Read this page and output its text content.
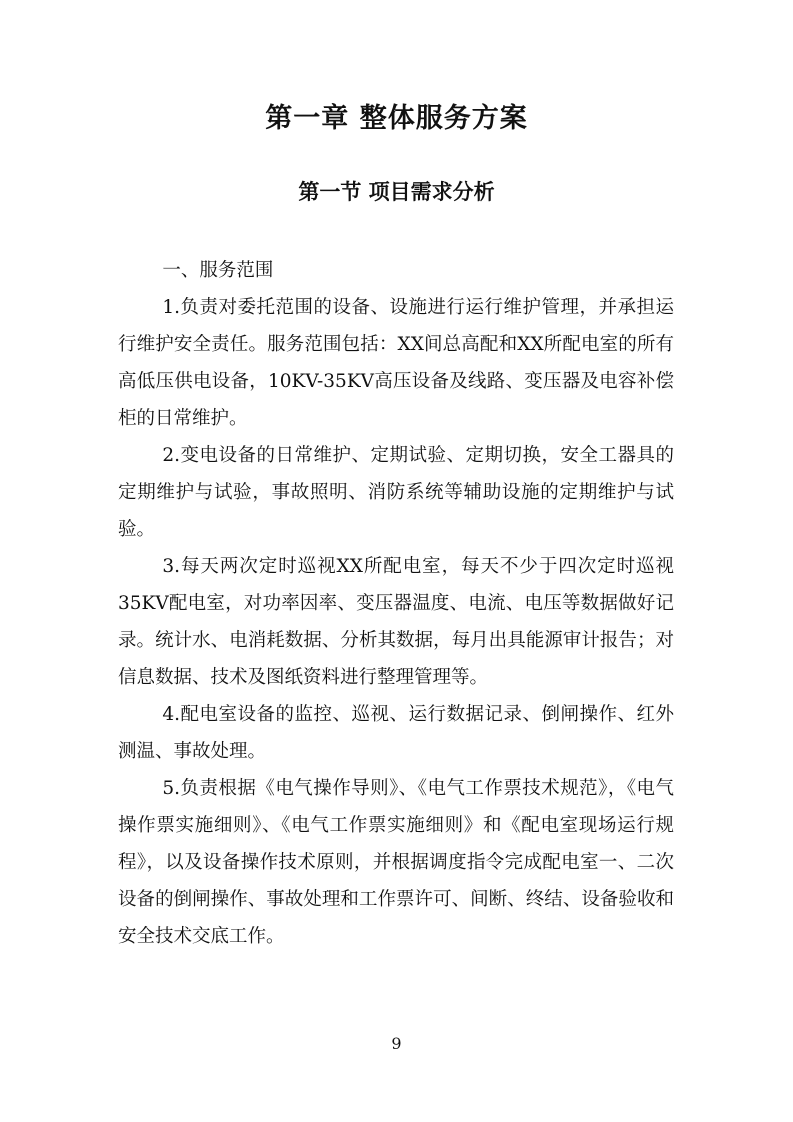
第一章 整体服务方案
第一节 项目需求分析

一、服务范围

1.负责对委托范围的设备、设施进行运行维护管理，并承担运行维护安全责任。服务范围包括：XX间总高配和XX所配电室的所有高低压供电设备，10KV-35KV高压设备及线路、变压器及电容补偿柜的日常维护。

2.变电设备的日常维护、定期试验、定期切换，安全工器具的定期维护与试验，事故照明、消防系统等辅助设施的定期维护与试验。

3.每天两次定时巡视XX所配电室，每天不少于四次定时巡视35KV配电室，对功率因率、变压器温度、电流、电压等数据做好记录。统计水、电消耗数据、分析其数据，每月出具能源审计报告；对信息数据、技术及图纸资料进行整理管理等。

4.配电室设备的监控、巡视、运行数据记录、倒闸操作、红外测温、事故处理。

5.负责根据《电气操作导则》、《电气工作票技术规范》，《电气操作票实施细则》、《电气工作票实施细则》和《配电室现场运行规程》，以及设备操作技术原则，并根据调度指令完成配电室一、二次设备的倒闸操作、事故处理和工作票许可、间断、终结、设备验收和安全技术交底工作。

9
